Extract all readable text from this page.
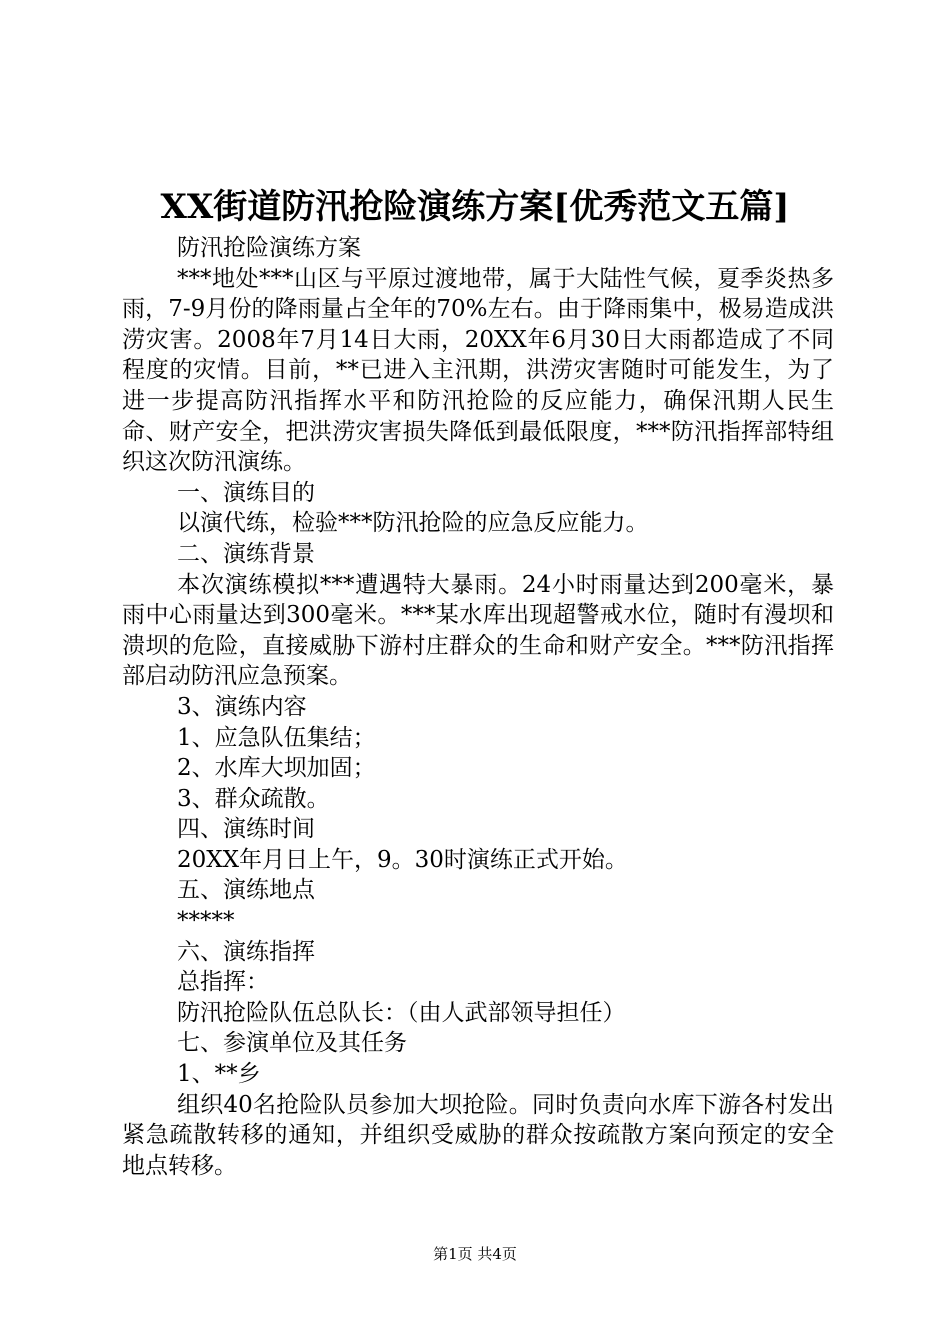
XX街道防汛抢险演练方案[优秀范文五篇]

防汛抢险演练方案

***地处***山区与平原过渡地带，属于大陆性气候，夏季炎热多雨，7-9月份的降雨量占全年的70%左右。由于降雨集中，极易造成洪涝灾害。2008年7月14日大雨，20XX年6月30日大雨都造成了不同程度的灾情。目前，**已进入主汛期，洪涝灾害随时可能发生，为了进一步提高防汛指挥水平和防汛抢险的反应能力，确保汛期人民生命、财产安全，把洪涝灾害损失降低到最低限度，***防汛指挥部特组织这次防汛演练。

一、演练目的

以演代练，检验***防汛抢险的应急反应能力。

二、演练背景

本次演练模拟***遭遇特大暴雨。24小时雨量达到200毫米，暴雨中心雨量达到300毫米。***某水库出现超警戒水位，随时有漫坝和溃坝的危险，直接威胁下游村庄群众的生命和财产安全。***防汛指挥部启动防汛应急预案。

3、演练内容

1、应急队伍集结；

2、水库大坝加固；

3、群众疏散。

四、演练时间

20XX年月日上午，9。30时演练正式开始。

五、演练地点

*****

六、演练指挥

总指挥：

防汛抢险队伍总队长：（由人武部领导担任）

七、参演单位及其任务

1、**乡

组织40名抢险队员参加大坝抢险。同时负责向水库下游各村发出紧急疏散转移的通知，并组织受威胁的群众按疏散方案向预定的安全地点转移。

第1页 共4页
